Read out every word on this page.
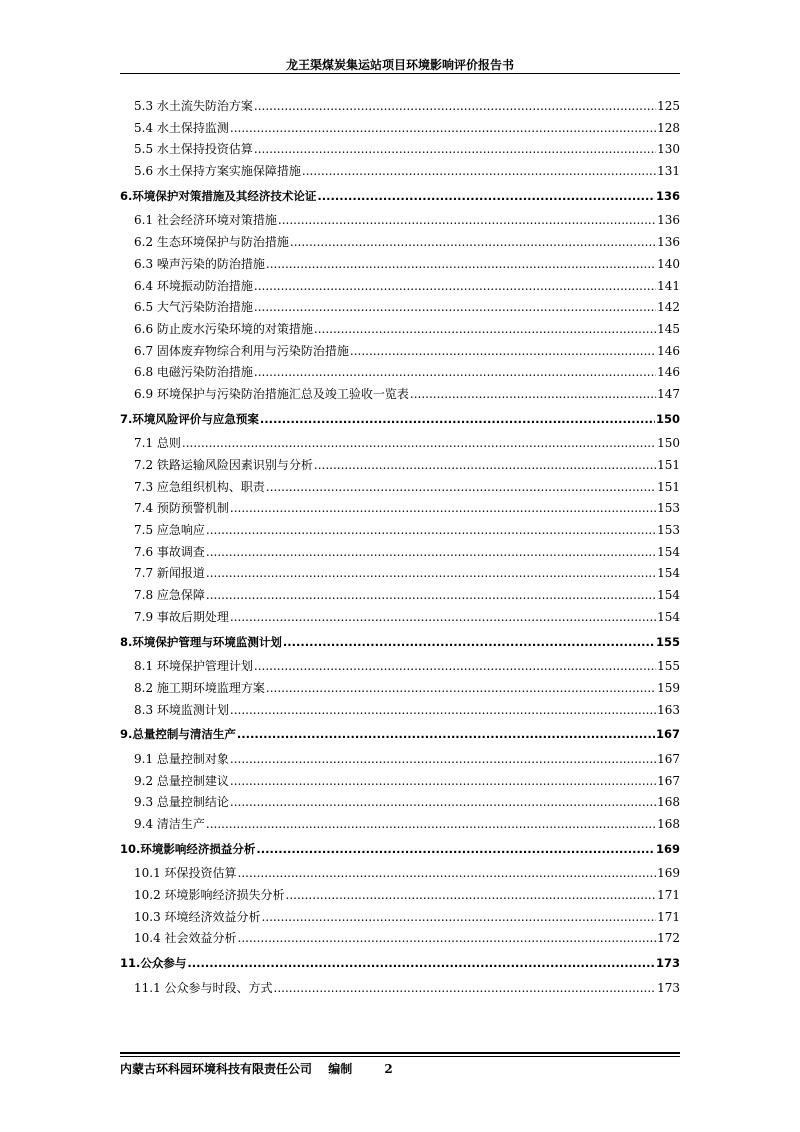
龙王渠煤炭集运站项目环境影响评价报告书
5.3 水土流失防治方案 .....	125
5.4 水土保持监测 .....	128
5.5 水土保持投资估算 .....	130
5.6 水土保持方案实施保障措施 .....	131
6.环境保护对策措施及其经济技术论证 .....	136
6.1 社会经济环境对策措施 .....	136
6.2 生态环境保护与防治措施 .....	136
6.3 噪声污染的防治措施 .....	140
6.4 环境振动防治措施 .....	141
6.5 大气污染防治措施 .....	142
6.6 防止废水污染环境的对策措施 .....	145
6.7 固体废弃物综合利用与污染防治措施 .....	146
6.8 电磁污染防治措施 .....	146
6.9 环境保护与污染防治措施汇总及竣工验收一览表 .....	147
7.环境风险评价与应急预案 .....	150
7.1 总则 .....	150
7.2 铁路运输风险因素识别与分析 .....	151
7.3 应急组织机构、职责 .....	151
7.4 预防预警机制 .....	153
7.5 应急响应 .....	153
7.6 事故调查 .....	154
7.7 新闻报道 .....	154
7.8 应急保障 .....	154
7.9 事故后期处理 .....	154
8.环境保护管理与环境监测计划 .....	155
8.1 环境保护管理计划 .....	155
8.2 施工期环境监理方案 .....	159
8.3 环境监测计划 .....	163
9.总量控制与清洁生产 .....	167
9.1 总量控制对象 .....	167
9.2 总量控制建议 .....	167
9.3 总量控制结论 .....	168
9.4 清洁生产 .....	168
10.环境影响经济损益分析 .....	169
10.1 环保投资估算 .....	169
10.2 环境影响经济损失分析 .....	171
10.3 环境经济效益分析 .....	171
10.4 社会效益分析 .....	172
11.公众参与 .....	173
11.1 公众参与时段、方式 .....	173
内蒙古环科园环境科技有限责任公司 编制	2
